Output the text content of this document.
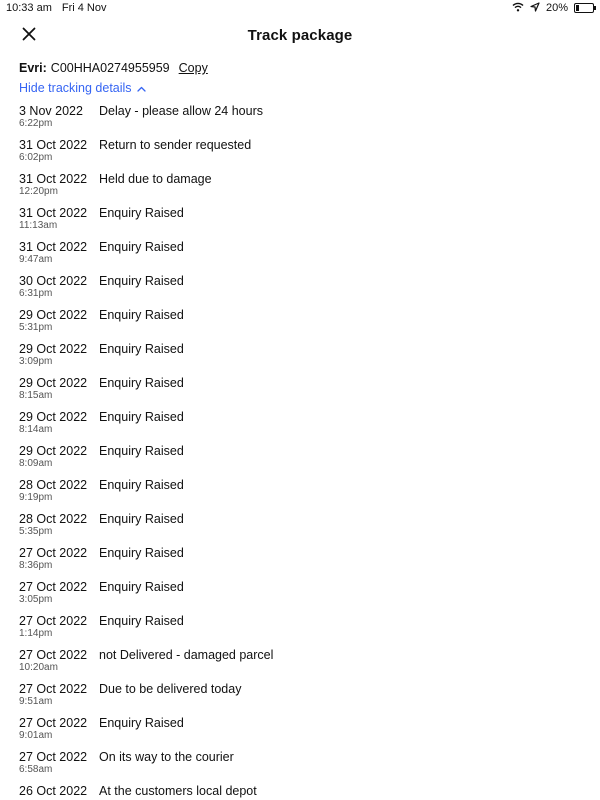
10:33 am Fri 4 Nov	20%
Track package
Evri: C00HHA0274955959 Copy
Hide tracking details
3 Nov 2022
6:22pm
Delay - please allow 24 hours
31 Oct 2022
6:02pm
Return to sender requested
31 Oct 2022
12:20pm
Held due to damage
31 Oct 2022
11:13am
Enquiry Raised
31 Oct 2022
9:47am
Enquiry Raised
30 Oct 2022
6:31pm
Enquiry Raised
29 Oct 2022
5:31pm
Enquiry Raised
29 Oct 2022
3:09pm
Enquiry Raised
29 Oct 2022
8:15am
Enquiry Raised
29 Oct 2022
8:14am
Enquiry Raised
29 Oct 2022
8:09am
Enquiry Raised
28 Oct 2022
9:19pm
Enquiry Raised
28 Oct 2022
5:35pm
Enquiry Raised
27 Oct 2022
8:36pm
Enquiry Raised
27 Oct 2022
3:05pm
Enquiry Raised
27 Oct 2022
1:14pm
Enquiry Raised
27 Oct 2022
10:20am
not Delivered - damaged parcel
27 Oct 2022
9:51am
Due to be delivered today
27 Oct 2022
9:01am
Enquiry Raised
27 Oct 2022
6:58am
On its way to the courier
26 Oct 2022 At the customers local depot
